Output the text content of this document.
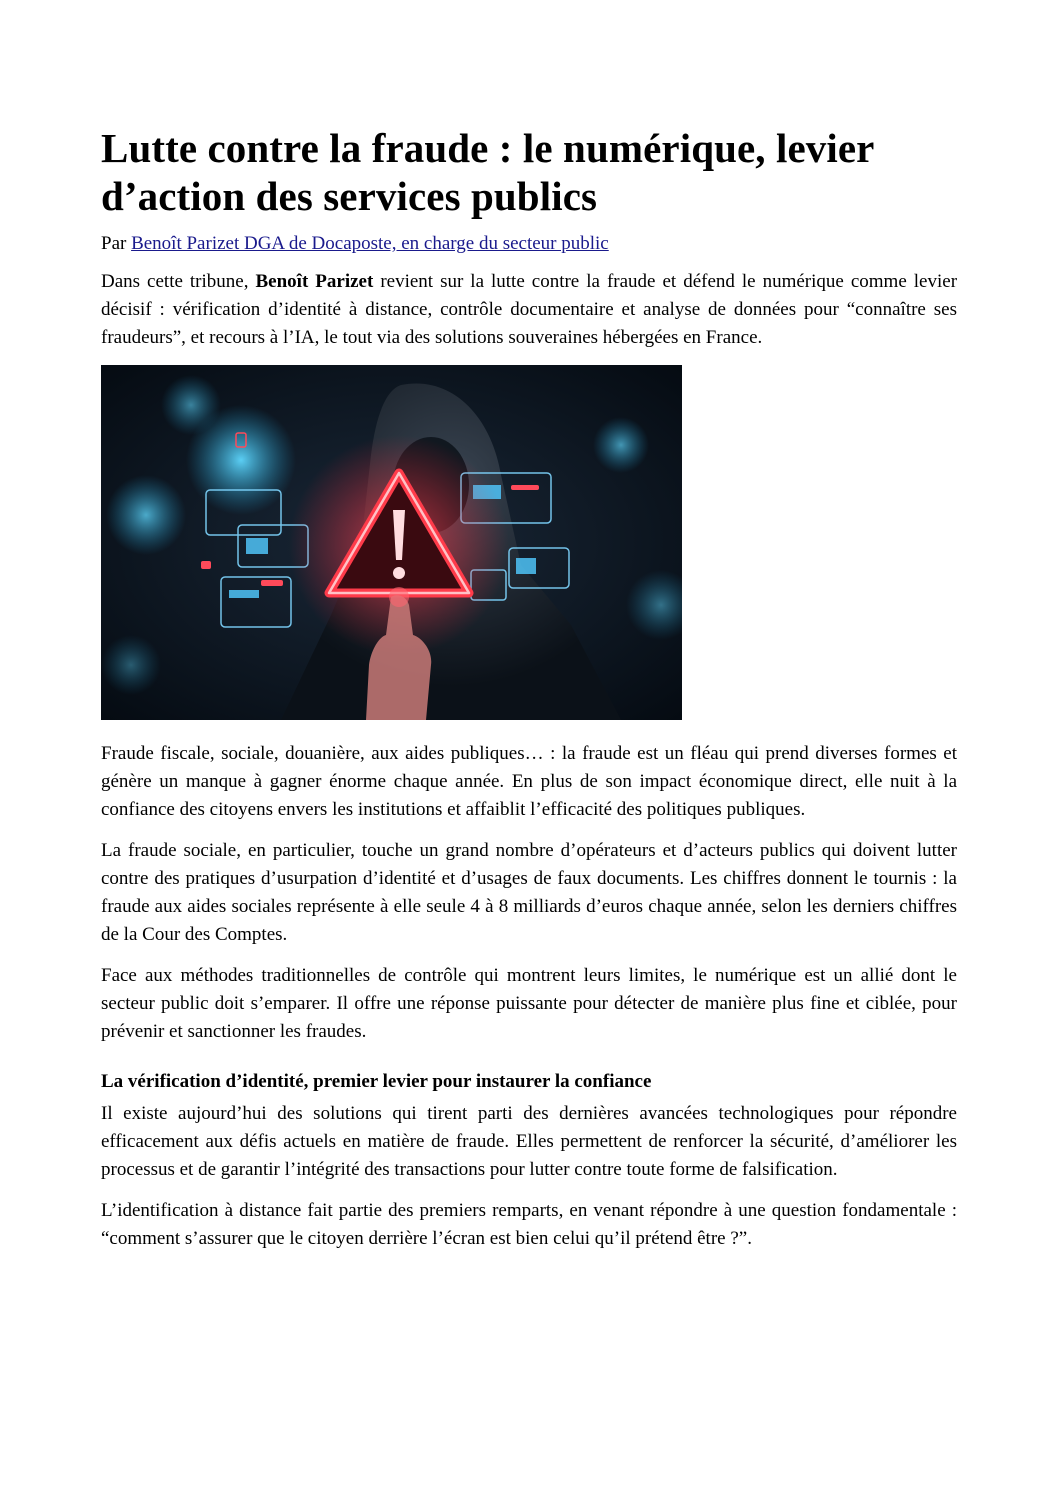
Lutte contre la fraude : le numérique, levier d’action des services publics
Par Benoît Parizet DGA de Docaposte, en charge du secteur public

Dans cette tribune, Benoît Parizet revient sur la lutte contre la fraude et défend le numérique comme levier décisif : vérification d’identité à distance, contrôle documentaire et analyse de données pour “connaître ses fraudeurs”, et recours à l’IA, le tout via des solutions souveraines hébergées en France.

Fraude fiscale, sociale, douanière, aux aides publiques… : la fraude est un fléau qui prend diverses formes et génère un manque à gagner énorme chaque année. En plus de son impact économique direct, elle nuit à la confiance des citoyens envers les institutions et affaiblit l’efficacité des politiques publiques.

La fraude sociale, en particulier, touche un grand nombre d’opérateurs et d’acteurs publics qui doivent lutter contre des pratiques d’usurpation d’identité et d’usages de faux documents. Les chiffres donnent le tournis : la fraude aux aides sociales représente à elle seule 4 à 8 milliards d’euros chaque année, selon les derniers chiffres de la Cour des Comptes.

Face aux méthodes traditionnelles de contrôle qui montrent leurs limites, le numérique est un allié dont le secteur public doit s’emparer. Il offre une réponse puissante pour détecter de manière plus fine et ciblée, pour prévenir et sanctionner les fraudes.

La vérification d’identité, premier levier pour instaurer la confiance

Il existe aujourd’hui des solutions qui tirent parti des dernières avancées technologiques pour répondre efficacement aux défis actuels en matière de fraude. Elles permettent de renforcer la sécurité, d’améliorer les processus et de garantir l’intégrité des transactions pour lutter contre toute forme de falsification.

L’identification à distance fait partie des premiers remparts, en venant répondre à une question fondamentale : “comment s’assurer que le citoyen derrière l’écran est bien celui qu’il prétend être ?”.
